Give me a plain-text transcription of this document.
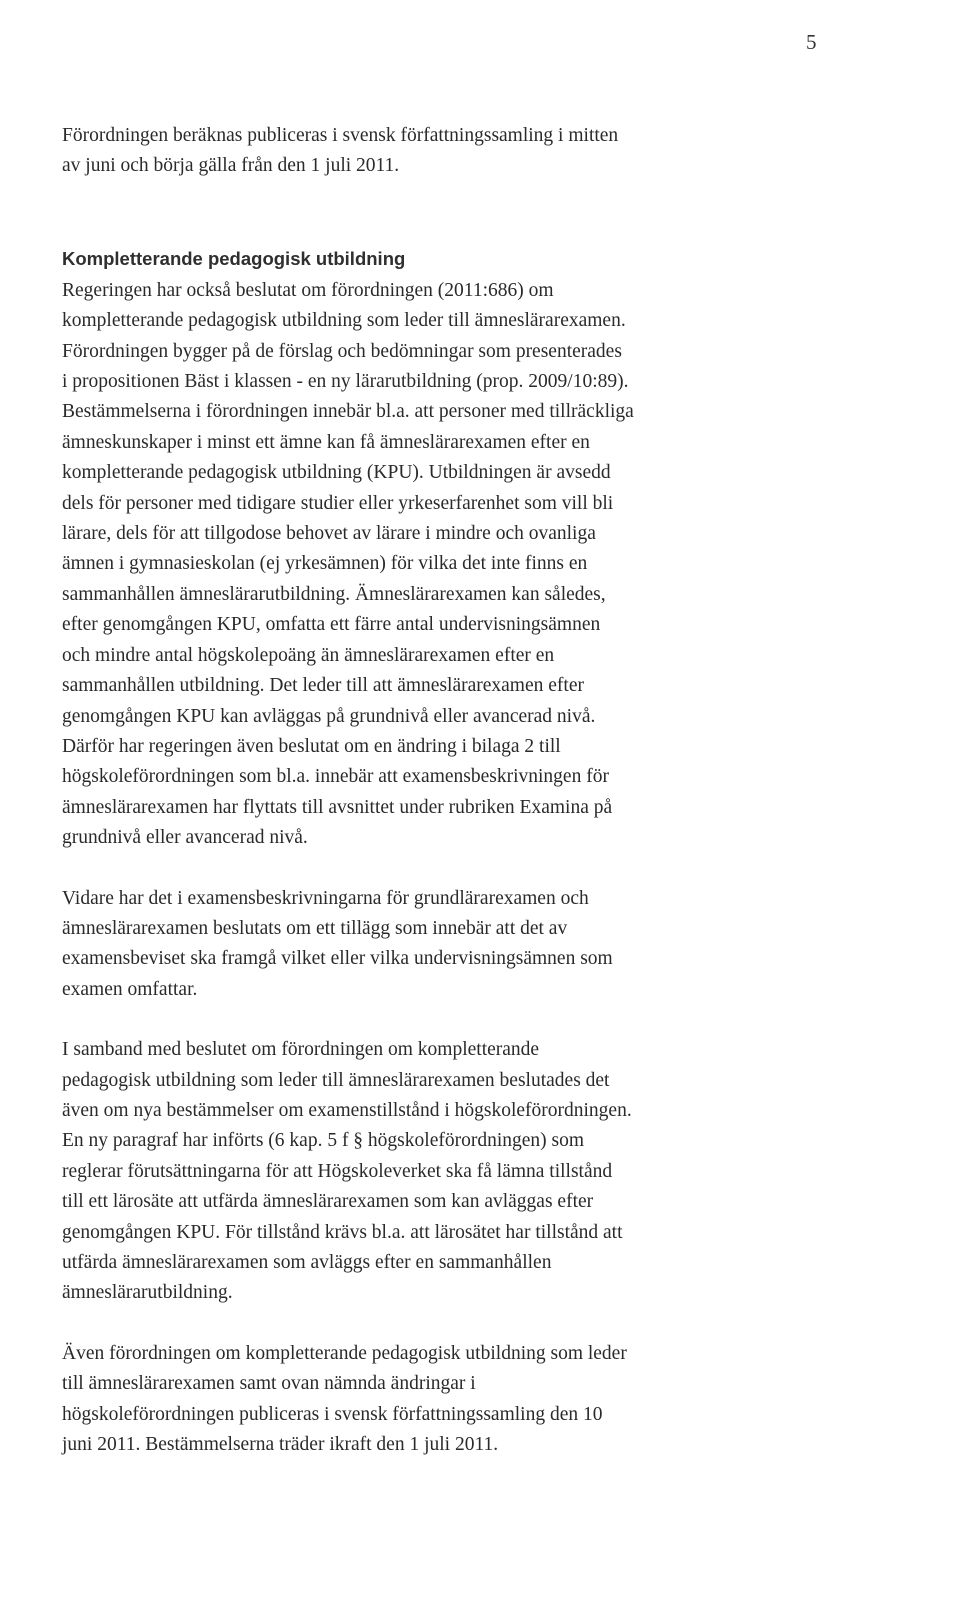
5

Förordningen beräknas publiceras i svensk författningssamling i mitten
av juni och börja gälla från den 1 juli 2011.

Kompletterande pedagogisk utbildning

Regeringen har också beslutat om förordningen (2011:686) om
kompletterande pedagogisk utbildning som leder till ämneslärarexamen.
Förordningen bygger på de förslag och bedömningar som presenterades
i propositionen Bäst i klassen - en ny lärarutbildning (prop. 2009/10:89).
Bestämmelserna i förordningen innebär bl.a. att personer med tillräckliga
ämneskunskaper i minst ett ämne kan få ämneslärarexamen efter en
kompletterande pedagogisk utbildning (KPU). Utbildningen är avsedd
dels för personer med tidigare studier eller yrkeserfarenhet som vill bli
lärare, dels för att tillgodose behovet av lärare i mindre och ovanliga
ämnen i gymnasieskolan (ej yrkesämnen) för vilka det inte finns en
sammanhållen ämneslärarutbildning. Ämneslärarexamen kan således,
efter genomgången KPU, omfatta ett färre antal undervisningsämnen
och mindre antal högskolepoäng än ämneslärarexamen efter en
sammanhållen utbildning. Det leder till att ämneslärarexamen efter
genomgången KPU kan avläggas på grundnivå eller avancerad nivå.
Därför har regeringen även beslutat om en ändring i bilaga 2 till
högskoleförordningen som bl.a. innebär att examensbeskrivningen för
ämneslärarexamen har flyttats till avsnittet under rubriken Examina på
grundnivå eller avancerad nivå.

Vidare har det i examensbeskrivningarna för grundlärarexamen och
ämneslärarexamen beslutats om ett tillägg som innebär att det av
examensbeviset ska framgå vilket eller vilka undervisningsämnen som
examen omfattar.

I samband med beslutet om förordningen om kompletterande
pedagogisk utbildning som leder till ämneslärarexamen beslutades det
även om nya bestämmelser om examenstillstånd i högskoleförordningen.
En ny paragraf har införts (6 kap. 5 f § högskoleförordningen) som
reglerar förutsättningarna för att Högskoleverket ska få lämna tillstånd
till ett lärosäte att utfärda ämneslärarexamen som kan avläggas efter
genomgången KPU. För tillstånd krävs bl.a. att lärosätet har tillstånd att
utfärda ämneslärarexamen som avläggs efter en sammanhållen
ämneslärarutbildning.

Även förordningen om kompletterande pedagogisk utbildning som leder
till ämneslärarexamen samt ovan nämnda ändringar i
högskoleförordningen publiceras i svensk författningssamling den 10
juni 2011. Bestämmelserna träder ikraft den 1 juli 2011.
